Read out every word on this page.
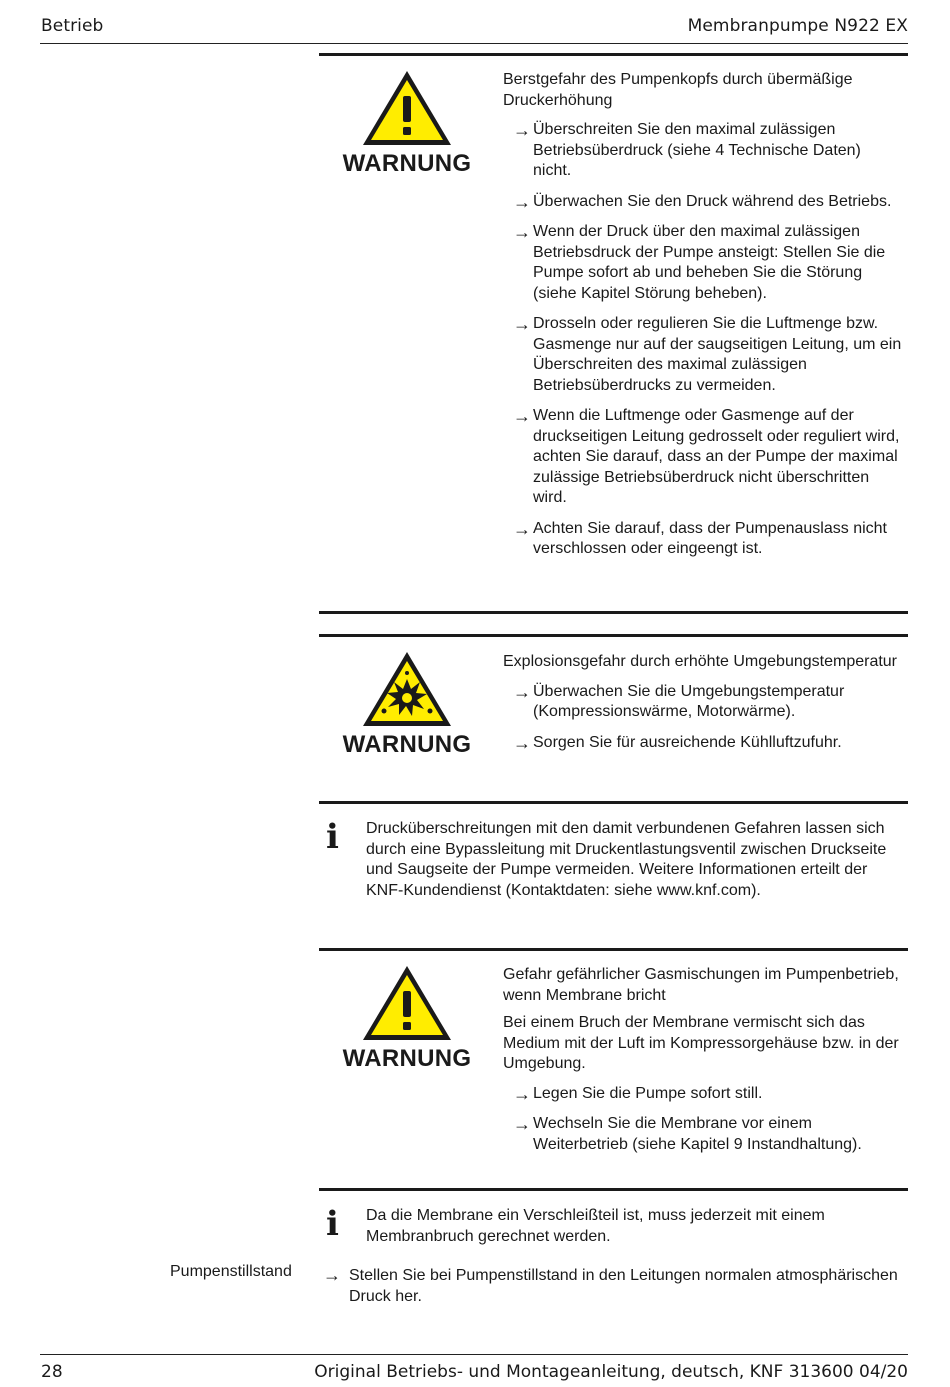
Betrieb	Membranpumpe N922 EX
WARNUNG

Berstgefahr des Pumpenkopfs durch übermäßige Druckerhöhung

→ Überschreiten Sie den maximal zulässigen Betriebsüberdruck (siehe 4 Technische Daten) nicht.
→ Überwachen Sie den Druck während des Betriebs.
→ Wenn der Druck über den maximal zulässigen Betriebsdruck der Pumpe ansteigt: Stellen Sie die Pumpe sofort ab und beheben Sie die Störung (siehe Kapitel Störung beheben).
→ Drosseln oder regulieren Sie die Luftmenge bzw. Gasmenge nur auf der saugseitigen Leitung, um ein Überschreiten des maximal zulässigen Betriebsüberdrucks zu vermeiden.
→ Wenn die Luftmenge oder Gasmenge auf der druckseitigen Leitung gedrosselt oder reguliert wird, achten Sie darauf, dass an der Pumpe der maximal zulässige Betriebsüberdruck nicht überschritten wird.
→ Achten Sie darauf, dass der Pumpenauslass nicht verschlossen oder eingeengt ist.
WARNUNG

Explosionsgefahr durch erhöhte Umgebungstemperatur

→ Überwachen Sie die Umgebungstemperatur (Kompressionswärme, Motorwärme).
→ Sorgen Sie für ausreichende Kühlluftzufuhr.
i Drucküberschreitungen mit den damit verbundenen Gefahren lassen sich durch eine Bypassleitung mit Druckentlastungsventil zwischen Druckseite und Saugseite der Pumpe vermeiden. Weitere Informationen erteilt der KNF-Kundendienst (Kontaktdaten: siehe www.knf.com).
WARNUNG

Gefahr gefährlicher Gasmischungen im Pumpenbetrieb, wenn Membrane bricht

Bei einem Bruch der Membrane vermischt sich das Medium mit der Luft im Kompressorgehäuse bzw. in der Umgebung.

→ Legen Sie die Pumpe sofort still.
→ Wechseln Sie die Membrane vor einem Weiterbetrieb (siehe Kapitel 9 Instandhaltung).
i Da die Membrane ein Verschleißteil ist, muss jederzeit mit einem Membranbruch gerechnet werden.
Pumpenstillstand → Stellen Sie bei Pumpenstillstand in den Leitungen normalen atmosphärischen Druck her.
28	Original Betriebs- und Montageanleitung, deutsch, KNF 313600 04/20
